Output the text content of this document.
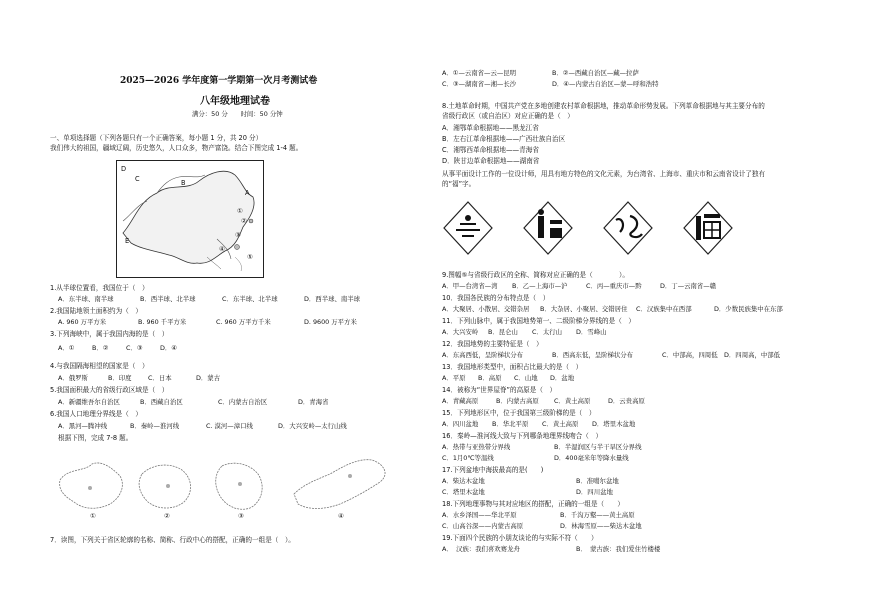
2025—2026 学年度第一学期第一次月考测试卷
八年级地理试卷
满分：50 分　　时间：50 分钟
一、单项选择题（下列各题只有一个正确答案，每小题 1 分，共 20 分）
我们伟大的祖国，疆域辽阔，历史悠久，人口众多，物产富饶。结合下图完成 1-4 题。
D
C	B
A
E
①
②
③
④
⑤
1.从半球位置看，我国位于（　）
A．东半球、南半球	B．西半球、北半球	C．东半球、北半球	D．西半球、南半球
2.我国陆地领土面积约为（　）
A. 960 万平方米	B. 960 千平方米	C. 960 万平方千米	D. 9600 万平方米
3.下列海峡中，属于我国内海的是（　）
A．①	B．②	C．③	D．④
4.与我国隔海相望的国家是（　）
A．俄罗斯	B．印度	C．日本	D．蒙古
5.我国面积最大的省级行政区域是（　）
A．新疆维吾尔自治区	B．西藏自治区	C．内蒙古自治区	D．青海省
6.我国人口地理分界线是（　）
A．黑河—腾冲线	B．秦岭—淮河线	C. 漠河—漳口线	D．大兴安岭—太行山线
根据下图，完成 7-8 题。
①	②	③	④
7．读图，下列关于省区轮廓的名称、简称、行政中心的搭配，正确的一组是（　）。
A．①—云南省—云—昆明	B．②—西藏自治区—藏—拉萨
C．③—湖南省—湘—长沙	D．④—内蒙古自治区—蒙—呼和浩特
8.土地革命时期，中国共产党在多地创建农村革命根据地，推动革命形势发展。下列革命根据地与其主要分布的
省级行政区（或自治区）对应正确的是（　）
A．湘鄂革命根据地——黑龙江省
B．左右江革命根据地——广西壮族自治区
C．湘鄂西革命根据地——青海省
D．陕甘边革命根据地——湖南省
从事平面设计工作的一位设计师，用具有地方特色的文化元素，为台湾省、上海市、重庆市和云南省设计了独有
的“福”字。
9.图幅⑤与省级行政区的全称、简称对应正确的是（　　　　）。
A．甲—台湾省—湾 B．乙—上海市—沪	C．丙—重庆市—黔	D．丁—云南省—赣
10．我国各民族的分布特点是（　）
A．大聚居、小散居、交错杂居 B．大杂居、小聚居、交错居住 C．汉族集中在西部	D．少数民族集中在东部
11．下列山脉中，属于我国地势第一、二级阶梯分界线的是（　）
A．大兴安岭 B．昆仑山 C．太行山 D．雪峰山
12．我国地势的主要特征是（　）
A．东高西低，呈阶梯状分布	B．西高东低，呈阶梯状分布	C．中部高，四周低 D．四周高，中部低
13．我国地形类型中，面积占比最大的是（　）
A．平原 B．高原 C．山地 D．盆地
14．被称为“世界屋脊”的高原是（　）
A．青藏高原	B．内蒙古高原 C．黄土高原	D．云贵高原
15．下列地形区中，位于我国第三级阶梯的是（　）
A．四川盆地 B．华北平原 C．黄土高原 D．塔里木盆地
16．秦岭—淮河线大致与下列哪条地理界线吻合（　）
A．热带与亚热带分界线	B．半湿润区与半干旱区分界线
C．1月0℃等温线	D．400毫米年等降水量线
17.下列盆地中海拔最高的是(　　)
A．柴达木盆地	B．准噶尔盆地
C．塔里木盆地	D．四川盆地
18.下列地理事物与其对应地区的搭配，正确的一组是（　　）
A．水乡泽国——华北平原	B．千沟万壑——黄土高原
C．山高谷深——内蒙古高原	D．林海雪原——柴达木盆地
19.下面四个民族的小朋友谈论的与实际不符（　　）
A．　汉族：我们喜欢赛龙舟	B．　蒙古族：我们爱住竹楼楼
